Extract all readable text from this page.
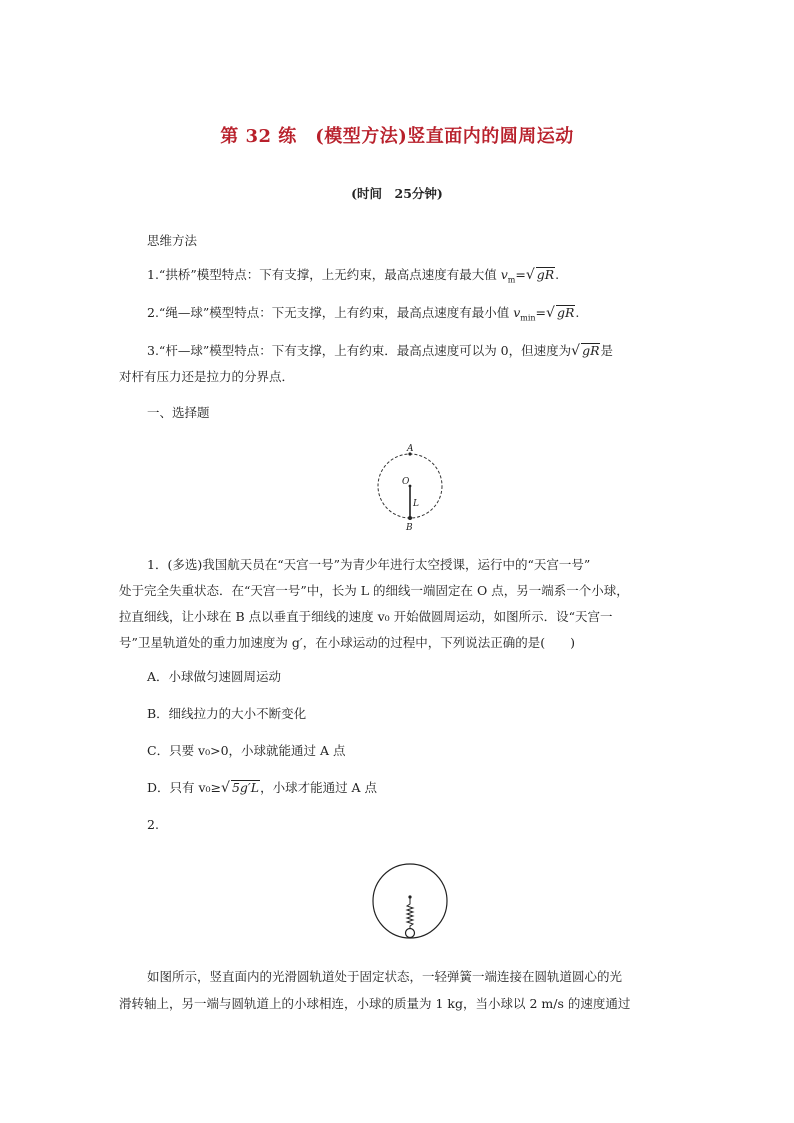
第 32 练　(模型方法)竖直面内的圆周运动
(时间　25分钟)
思维方法
1.“拱桥”模型特点：下有支撑，上无约束，最高点速度有最大值 $v_m=√$ gR.
2.“绳—球”模型特点：下无支撑，上有约束，最高点速度有最小值 $v_{min}=√$ gR.
3.“杆—球”模型特点：下有支撑，上有约束．最高点速度可以为 0，但速度为√ gR是
对杆有压力还是拉力的分界点．
一、选择题
A
O
L
B
1．(多选)我国航天员在“天宫一号”为青少年进行太空授课，运行中的“天宫一号”
处于完全失重状态．在“天宫一号”中，长为 L 的细线一端固定在 O 点，另一端系一个小球，
拉直细线，让小球在 B 点以垂直于细线的速度 v₀ 开始做圆周运动，如图所示．设“天宫一
号”卫星轨道处的重力加速度为 g′，在小球运动的过程中，下列说法正确的是(　　)
A．小球做匀速圆周运动
B．细线拉力的大小不断变化
C．只要 v₀>0，小球就能通过 A 点
D．只有 v₀≥√ 5g′L，小球才能通过 A 点
2.
如图所示，竖直面内的光滑圆轨道处于固定状态，一轻弹簧一端连接在圆轨道圆心的光
滑转轴上，另一端与圆轨道上的小球相连，小球的质量为 1 kg，当小球以 2 m/s 的速度通过
